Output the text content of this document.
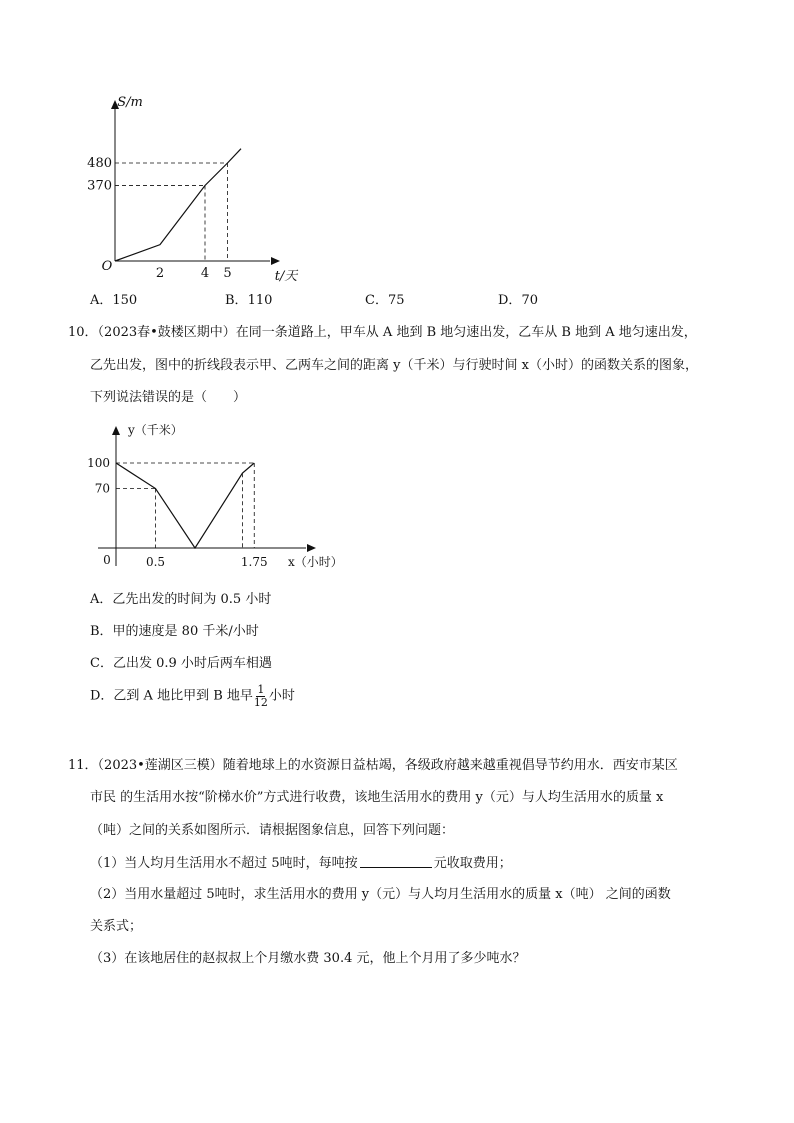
S/m
t/天
O	2	4 5
370
480
A．150	B．110	C．75	D．70
10．（2023春•鼓楼区期中）在同一条道路上，甲车从 A 地到 B 地匀速出发，乙车从 B 地到 A 地匀速出发，
乙先出发，图中的折线段表示甲、乙两车之间的距离 y（千米）与行驶时间 x（小时）的函数关系的图象，
下列说法错误的是（　　）
y（千米）
x（小时）
0	0.5	1.75
70
100
A．乙先出发的时间为 0.5 小时
B．甲的速度是 80 千米/小时
C．乙出发 0.9 小时后两车相遇
D．乙到 A 地比甲到 B 地早 $\frac{1}{12}$ 小时
11．（2023•莲湖区三模）随着地球上的水资源日益枯竭，各级政府越来越重视倡导节约用水．西安市某区
市民 的生活用水按“阶梯水价”方式进行收费，该地生活用水的费用 y（元）与人均生活用水的质量 x
（吨）之间的关系如图所示．请根据图象信息，回答下列问题：
（1）当人均月生活用水不超过 5吨时，每吨按	元收取费用；
（2）当用水量超过 5吨时，求生活用水的费用 y（元）与人均月生活用水的质量 x（吨） 之间的函数
关系式；
（3）在该地居住的赵叔叔上个月缴水费 30.4 元，他上个月用了多少吨水？
